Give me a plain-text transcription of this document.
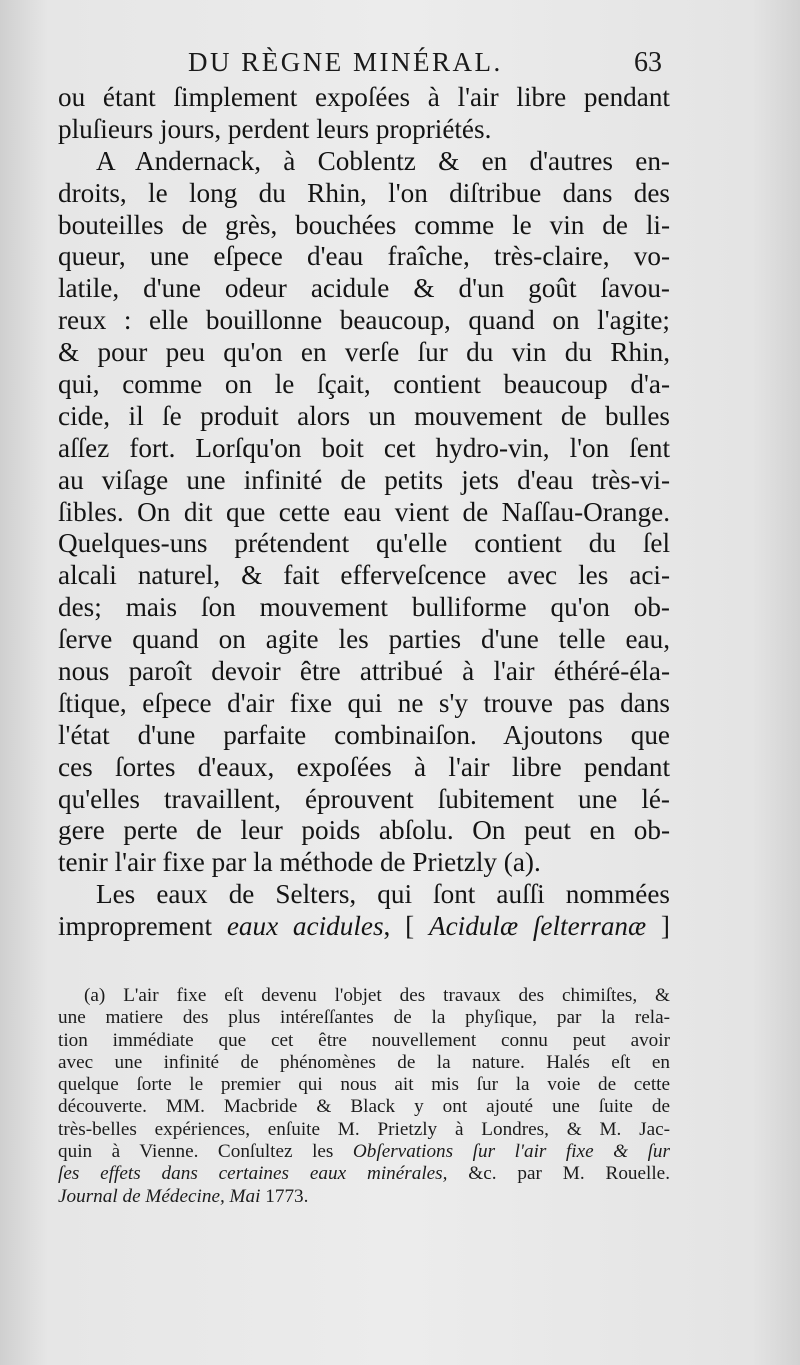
DU RÈGNE MINÉRAL.	63
ou étant ſimplement expoſées à l'air libre pendant
pluſieurs jours, perdent leurs propriétés.
A Andernack, à Coblentz & en d'autres en-
droits, le long du Rhin, l'on diſtribue dans des
bouteilles de grès, bouchées comme le vin de li-
queur, une eſpece d'eau fraîche, très-claire, vo-
latile, d'une odeur acidule & d'un goût ſavou-
reux : elle bouillonne beaucoup, quand on l'agite;
& pour peu qu'on en verſe ſur du vin du Rhin,
qui, comme on le ſçait, contient beaucoup d'a-
cide, il ſe produit alors un mouvement de bulles
aſſez fort. Lorſqu'on boit cet hydro-vin, l'on ſent
au viſage une infinité de petits jets d'eau très-vi-
ſibles. On dit que cette eau vient de Naſſau-Orange.
Quelques-uns prétendent qu'elle contient du ſel
alcali naturel, & fait effervеſcence avec les aci-
des; mais ſon mouvement bulliforme qu'on ob-
ſerve quand on agite les parties d'une telle eau,
nous paroît devoir être attribué à l'air éthéré-éla-
ſtique, eſpece d'air fixe qui ne s'y trouve pas dans
l'état d'une parfaite combinaiſon. Ajoutons que
ces ſortes d'eaux, expoſées à l'air libre pendant
qu'elles travaillent, éprouvent ſubitement une lé-
gere perte de leur poids abſolu. On peut en ob-
tenir l'air fixe par la méthode de Prietzly (a).
Les eaux de Selters, qui ſont auſſi nommées
improprement eaux acidules, [ Acidulæ ſelterranæ ]
(a) L'air fixe eſt devenu l'objet des travaux des chimiſtes, &
une matiere des plus intéreſſantes de la phyſique, par la rela-
tion immédiate que cet être nouvellement connu peut avoir
avec une infinité de phénomènes de la nature. Halés eſt en
quelque ſorte le premier qui nous ait mis ſur la voie de cette
découverte. MM. Macbride & Black y ont ajouté une ſuite de
très-belles expériences, enſuite M. Prietzly à Londres, & M. Jac-
quin à Vienne. Conſultez les Obſervations ſur l'air fixe & ſur
ſes effets dans certaines eaux minérales, &c. par M. Rouelle.
Journal de Médecine, Mai 1773.
